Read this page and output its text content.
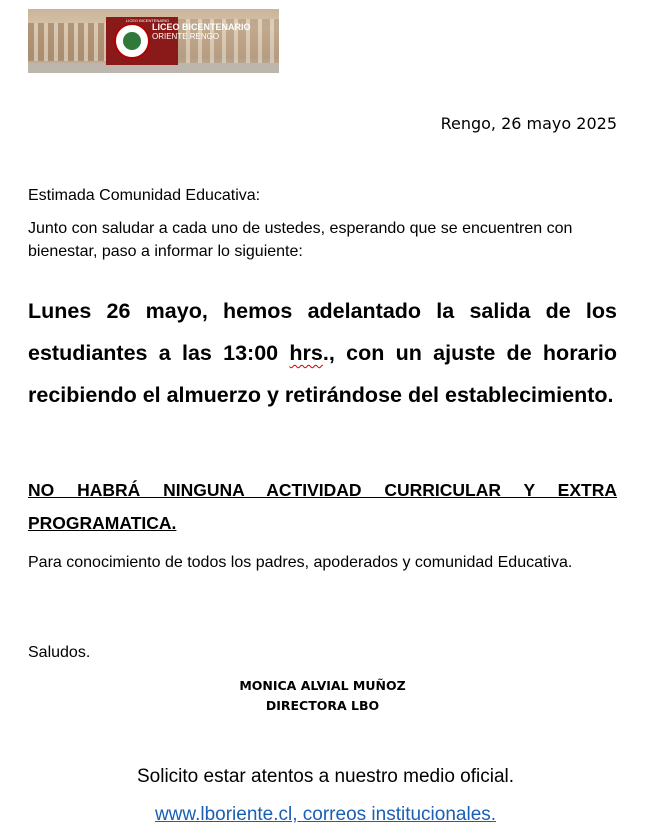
LICEO BICENTENARIO
LICEO BICENTENARIO
ORIENTE RENGO
Rengo, 26 mayo 2025
Estimada Comunidad Educativa:
Junto con saludar a cada uno de ustedes, esperando que se encuentren con bienestar, paso a informar lo siguiente:
Lunes 26 mayo, hemos adelantado la salida de los estudiantes a las 13:00 hrs., con un ajuste de horario recibiendo el almuerzo y retirándose del establecimiento.
NO HABRÁ NINGUNA ACTIVIDAD CURRICULAR Y EXTRA PROGRAMATICA.
Para conocimiento de todos los padres, apoderados y comunidad Educativa.
Saludos.
MONICA ALVIAL MUÑOZ
DIRECTORA LBO
Solicito estar atentos a nuestro medio oficial.
www.lboriente.cl, correos institucionales.
